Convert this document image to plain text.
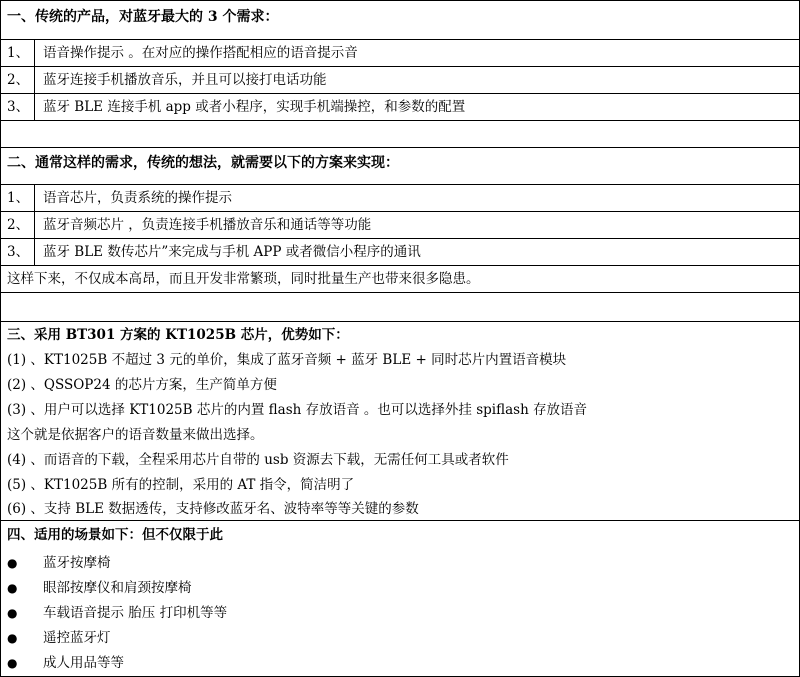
一、传统的产品，对蓝牙最大的 3 个需求：
1、	语音操作提示 。在对应的操作搭配相应的语音提示音
2、	蓝牙连接手机播放音乐，并且可以接打电话功能
3、	蓝牙 BLE 连接手机 app 或者小程序，实现手机端操控，和参数的配置
二、通常这样的需求，传统的想法，就需要以下的方案来实现：
1、	语音芯片，负责系统的操作提示
2、	蓝牙音频芯片 ，负责连接手机播放音乐和通话等等功能
3、	蓝牙 BLE 数传芯片”来完成与手机 APP 或者微信小程序的通讯
这样下来，不仅成本高昂，而且开发非常繁琐，同时批量生产也带来很多隐患。
三、采用 BT301 方案的 KT1025B 芯片，优势如下：
(1) 、KT1025B 不超过 3 元的单价，集成了蓝牙音频 + 蓝牙 BLE + 同时芯片内置语音模块
(2) 、QSSOP24 的芯片方案，生产简单方便
(3) 、用户可以选择 KT1025B 芯片的内置 flash 存放语音 。也可以选择外挂 spiflash 存放语音
这个就是依据客户的语音数量来做出选择。
(4) 、而语音的下载，全程采用芯片自带的 usb 资源去下载，无需任何工具或者软件
(5) 、KT1025B 所有的控制，采用的 AT 指令，简洁明了
(6) 、支持 BLE 数据透传，支持修改蓝牙名、波特率等等关键的参数
四、适用的场景如下：但不仅限于此
● 蓝牙按摩椅
● 眼部按摩仪和肩颈按摩椅
● 车载语音提示 胎压 打印机等等
● 遥控蓝牙灯
● 成人用品等等
